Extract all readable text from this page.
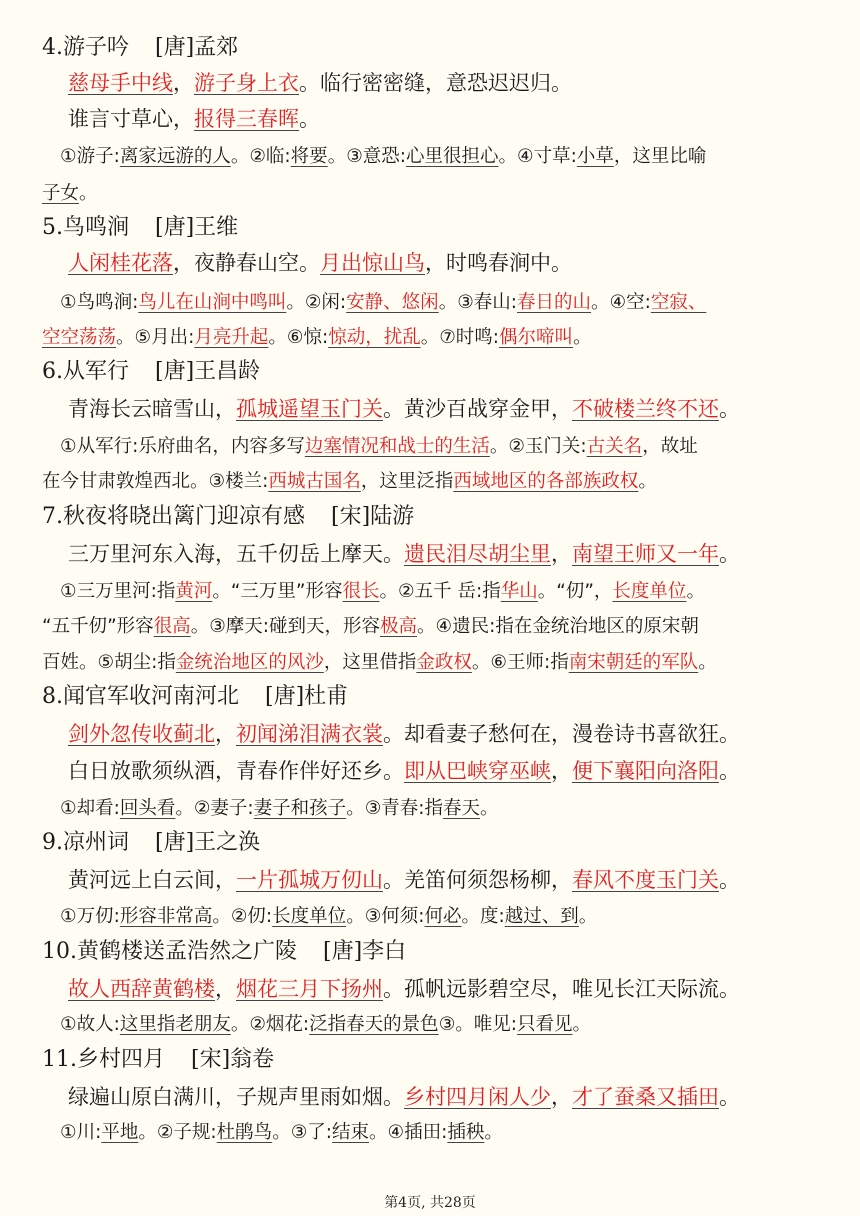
4.游子吟 [唐]孟郊
慈母手中线，游子身上衣。临行密密缝，意恐迟迟归。
谁言寸草心，报得三春晖。
①游子:离家远游的人。②临:将要。③意恐:心里很担心。④寸草:小草，这里比喻
子女。
5.鸟鸣涧 [唐]王维
人闲桂花落，夜静春山空。月出惊山鸟，时鸣春涧中。
①鸟鸣涧:鸟儿在山涧中鸣叫。②闲:安静、悠闲。③春山:春日的山。④空:空寂、
空空荡荡。⑤月出:月亮升起。⑥惊:惊动，扰乱。⑦时鸣:偶尔啼叫。
6.从军行 [唐]王昌龄
青海长云暗雪山，孤城遥望玉门关。黄沙百战穿金甲，不破楼兰终不还。
①从军行:乐府曲名，内容多写边塞情况和战士的生活。②玉门关:古关名，故址
在今甘肃敦煌西北。③楼兰:西城古国名，这里泛指西域地区的各部族政权。
7.秋夜将晓出篱门迎凉有感 [宋]陆游
三万里河东入海，五千仞岳上摩天。遗民泪尽胡尘里，南望王师又一年。
①三万里河:指黄河。“三万里”形容很长。②五千 岳:指华山。“仞”，长度单位。
“五千仞”形容很高。③摩天:碰到天，形容极高。④遗民:指在金统治地区的原宋朝
百姓。⑤胡尘:指金统治地区的风沙，这里借指金政权。⑥王师:指南宋朝廷的军队。
8.闻官军收河南河北 [唐]杜甫
剑外忽传收蓟北，初闻涕泪满衣裳。却看妻子愁何在，漫卷诗书喜欲狂。
白日放歌须纵酒，青春作伴好还乡。即从巴峡穿巫峡，便下襄阳向洛阳。
①却看:回头看。②妻子:妻子和孩子。③青春:指春天。
9.凉州词 [唐]王之涣
黄河远上白云间，一片孤城万仞山。羌笛何须怨杨柳，春风不度玉门关。
①万仞:形容非常高。②仞:长度单位。③何须:何必。度:越过、到。
10.黄鹤楼送孟浩然之广陵 [唐]李白
故人西辞黄鹤楼，烟花三月下扬州。孤帆远影碧空尽，唯见长江天际流。
①故人:这里指老朋友。②烟花:泛指春天的景色③。唯见:只看见。
11.乡村四月 [宋]翁卷
绿遍山原白满川，子规声里雨如烟。乡村四月闲人少，才了蚕桑又插田。
①川:平地。②子规:杜鹃鸟。③了:结束。④插田:插秧。
第4页, 共28页
